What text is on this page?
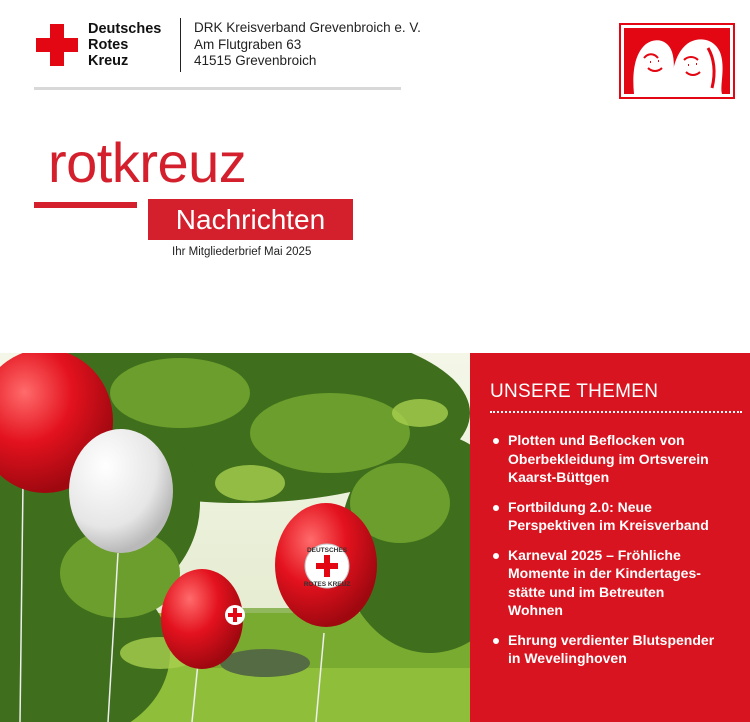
Deutsches
Rotes
Kreuz
DRK Kreisverband Grevenbroich e. V.
Am Flutgraben 63
41515 Grevenbroich
rotkreuz
Nachrichten
Ihr Mitgliederbrief Mai 2025
DEUTSCHES
ROTES KREUZ
UNSERE THEMEN
Plotten und Beflocken von
Oberbekleidung im Ortsverein
Kaarst-Büttgen
Fortbildung 2.0: Neue
Perspektiven im Kreisverband
Karneval 2025 – Fröhliche
Momente in der Kindertages-
stätte und im Betreuten
Wohnen
Ehrung verdienter Blutspender
in Wevelinghoven
